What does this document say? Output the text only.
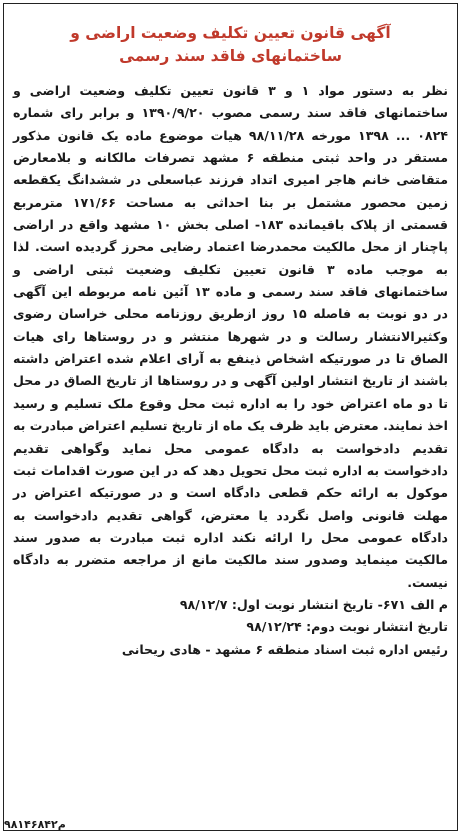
آگهی قانون تعیین تکلیف وضعیت اراضی و
ساختمانهای فاقد سند رسمی

نظر به دستور مواد ۱ و ۳ قانون تعیین تکلیف وضعیت اراضی و ساختمانهای فاقد سند رسمی مصوب ۱۳۹۰/۹/۲۰ و برابر رای شماره ۰۸۲۴ ... ۱۳۹۸ مورخه ۹۸/۱۱/۲۸ هیات موضوع ماده یک قانون مذکور مستقر در واحد ثبتی منطقه ۶ مشهد تصرفات مالکانه و بلامعارض متقاضی خانم هاجر امیری اتداد فرزند عباسعلی در ششدانگ یکقطعه زمین محصور مشتمل بر بنا احداثی به مساحت ۱۷۱/۶۶ مترمربع قسمتی از پلاک باقیمانده ۱۸۳- اصلی بخش ۱۰ مشهد واقع در اراضی پاچنار از محل مالکیت محمدرضا اعتماد رضایی محرز گردیده است. لذا به موجب ماده ۳ قانون تعیین تکلیف وضعیت ثبتی اراضی و ساختمانهای فاقد سند رسمی و ماده ۱۳ آئین نامه مربوطه این آگهی در دو نوبت به فاصله ۱۵ روز ازطریق روزنامه محلی خراسان رضوی وکثیرالانتشار رسالت و در شهرها منتشر و در روستاها رای هیات الصاق تا در صورتیکه اشخاص ذینفع به آرای اعلام شده اعتراض داشته باشند از تاریخ انتشار اولین آگهی و در روستاها از تاریخ الصاق در محل تا دو ماه اعتراض خود را به اداره ثبت محل وقوع ملک تسلیم و رسید اخذ نمایند. معترض باید ظرف یک ماه از تاریخ تسلیم اعتراض مبادرت به تقدیم دادخواست به دادگاه عمومی محل نماید وگواهی تقدیم دادخواست به اداره ثبت محل تحویل دهد که در این صورت اقدامات ثبت موکول به ارائه حکم قطعی دادگاه است و در صورتیکه اعتراض در مهلت قانونی واصل نگردد یا معترض، گواهی تقدیم دادخواست به دادگاه عمومی محل را ارائه نکند اداره ثبت مبادرت به صدور سند مالکیت مینماید وصدور سند مالکیت مانع از مراجعه متضرر به دادگاه نیست.

م الف ۶۷۱- تاریخ انتشار نوبت اول: ۹۸/۱۲/۷
تاریخ انتشار نوبت دوم: ۹۸/۱۲/۲۴
رئیس اداره ثبت اسناد منطقه ۶ مشهد - هادی ریحانی
م۹۸۱۴۶۸۴۲
